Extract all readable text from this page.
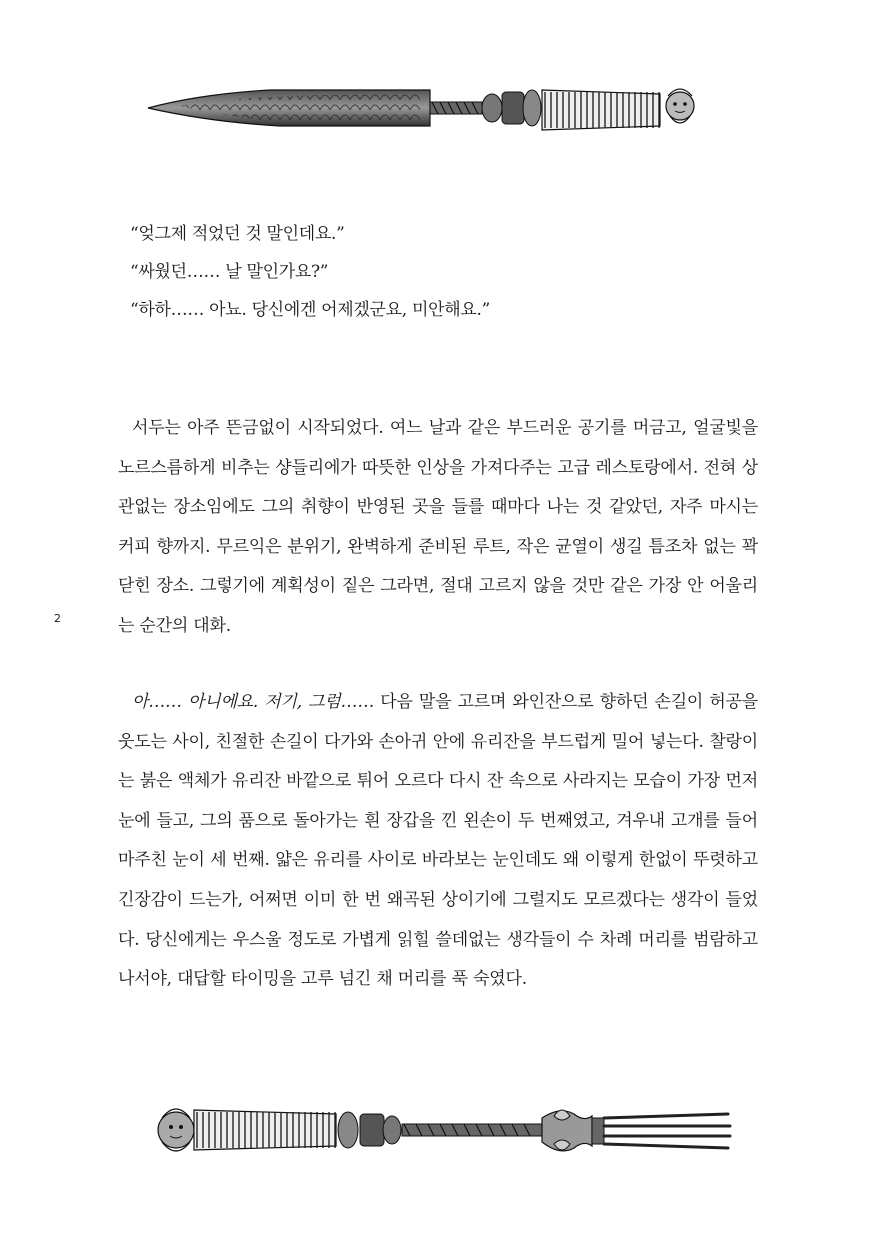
“엊그제 적었던 것 말인데요.”

“싸웠던…… 날 말인가요?”

“하하…… 아뇨. 당신에겐 어제겠군요, 미안해요.”

2

서두는 아주 뜬금없이 시작되었다. 여느 날과 같은 부드러운 공기를 머금고, 얼굴빛을 노르스름하게 비추는 샹들리에가 따뜻한 인상을 가져다주는 고급 레스토랑에서. 전혀 상관없는 장소임에도 그의 취향이 반영된 곳을 들를 때마다 나는 것 같았던, 자주 마시는 커피 향까지. 무르익은 분위기, 완벽하게 준비된 루트, 작은 균열이 생길 틈조차 없는 꽉 닫힌 장소. 그렇기에 계획성이 짙은 그라면, 절대 고르지 않을 것만 같은 가장 안 어울리는 순간의 대화.

아…… 아니에요. 저기, 그럼…… 다음 말을 고르며 와인잔으로 향하던 손길이 허공을 웃도는 사이, 친절한 손길이 다가와 손아귀 안에 유리잔을 부드럽게 밀어 넣는다. 찰랑이는 붉은 액체가 유리잔 바깥으로 튀어 오르다 다시 잔 속으로 사라지는 모습이 가장 먼저 눈에 들고, 그의 품으로 돌아가는 흰 장갑을 낀 왼손이 두 번째였고, 겨우내 고개를 들어 마주친 눈이 세 번째. 얇은 유리를 사이로 바라보는 눈인데도 왜 이렇게 한없이 뚜렷하고 긴장감이 드는가, 어쩌면 이미 한 번 왜곡된 상이기에 그럴지도 모르겠다는 생각이 들었다. 당신에게는 우스울 정도로 가볍게 읽힐 쓸데없는 생각들이 수 차례 머리를 범람하고 나서야, 대답할 타이밍을 고루 넘긴 채 머리를 푹 숙였다.
